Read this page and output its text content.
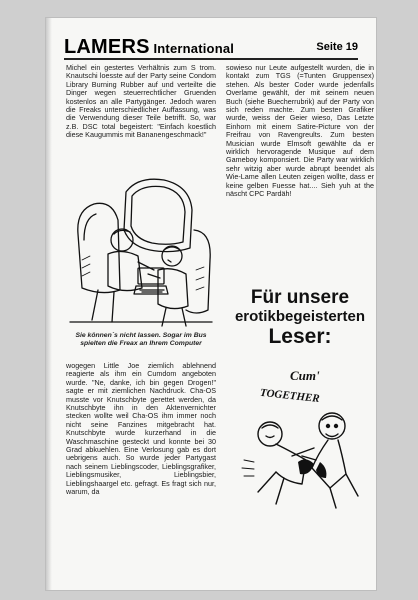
LAMERS International	Seite 19

Michel ein gestertes Verhältnis zum S trom. Knautschi loesste auf der Party seine Condom Library Burning Rubber auf und verteilte die Dinger wegen steuerrechtlicher Gruenden kostenlos an alle Partygänger. Jedoch waren die Freaks unterschiedlicher Auffassung, was die Verwendung dieser Teile betrifft. So, war z.B. DSC total begeistert: "Einfach koestlich diese Kaugummis mit Bananengeschmack!"

Sie können´s nicht lassen. Sogar im Bus spielten die Freax an Ihrem Computer

wogegen Little Joe ziemlich ablehnend reagierte als ihm ein Cumdom angeboten wurde. "Ne, danke, ich bin gegen Drogen!" sagte er mit ziemlichen Nachdruck. Cha-OS musste vor Knutschbyte gerettet werden, da Knutschbyte ihn in den Aktenvernichter stecken wollte weil Cha-OS ihm immer noch nicht seine Fanzines mitgebracht hat. Knutschbyte wurde kurzerhand in die Waschmaschine gesteckt und konnte bei 30 Grad abkuehlen. Eine Verlosung gab es dort uebrigens auch. So wurde jeder Partygast nach seinem Lieblingscoder, Lieblingsgrafiker, Lieblingsmusiker, Lieblingsbier, Lieblingshaargel etc. gefragt. Es fragt sich nur, warum, da

sowieso nur Leute aufgestellt wurden, die in kontakt zum TGS (=Tunten Gruppensex) stehen. Als bester Coder wurde jedenfalls Overlame gewählt, der mit seinem neuen Buch (siehe Buecherrubrik) auf der Party von sich reden machte. Zum besten Grafiker wurde, weiss der Geier wieso, Das Letzte Einhorn mit einem Satire-Picture von der Freifrau von Ravengreults. Zum besten Musician wurde Elmsoft gewählte da er wirklich hervoragende Musique auf dem Gameboy komponsiert. Die Party war wirklich sehr witzig aber wurde abrupt beendet als Wie-Lame allen Leuten zeigen wollte, dass er keine gelben Fuesse hat.... Sieh yuh at the näscht CPC Pardäh!

Für unsere
erotikbegeisterten
Leser:
Cum'
TOGETHER
